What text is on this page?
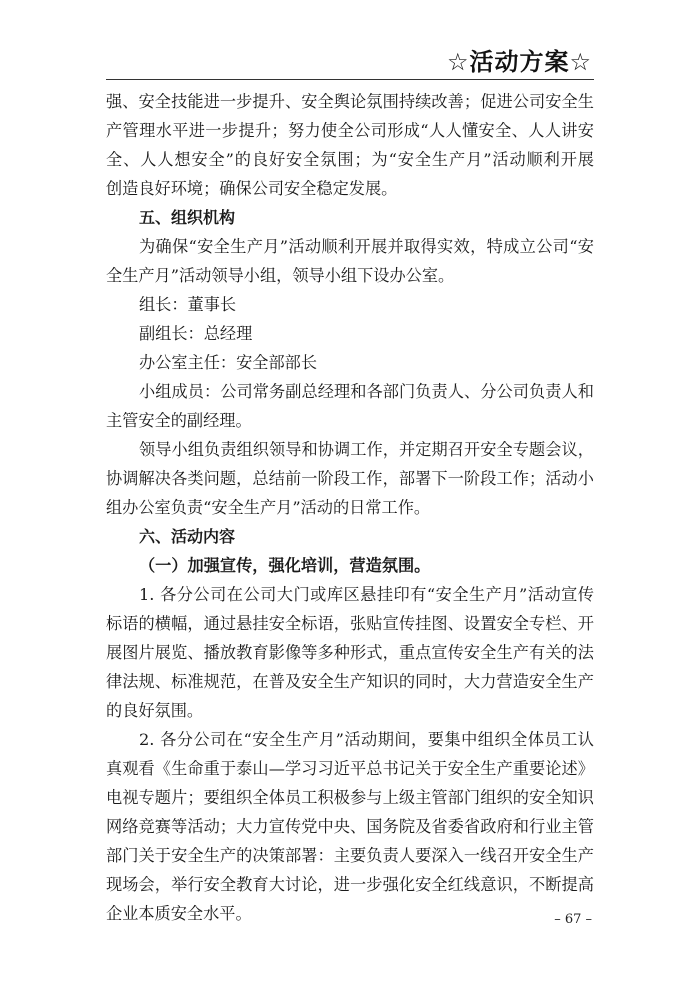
☆活动方案☆
强、安全技能进一步提升、安全舆论氛围持续改善；促进公司安全生
产管理水平进一步提升；努力使全公司形成“人人懂安全、人人讲安
全、人人想安全”的良好安全氛围；为“安全生产月”活动顺利开展
创造良好环境；确保公司安全稳定发展。
五、组织机构
为确保“安全生产月”活动顺利开展并取得实效，特成立公司“安
全生产月”活动领导小组，领导小组下设办公室。
组长：董事长
副组长：总经理
办公室主任：安全部部长
小组成员：公司常务副总经理和各部门负责人、分公司负责人和
主管安全的副经理。
领导小组负责组织领导和协调工作，并定期召开安全专题会议，
协调解决各类问题，总结前一阶段工作，部署下一阶段工作；活动小
组办公室负责“安全生产月”活动的日常工作。
六、活动内容
（一）加强宣传，强化培训，营造氛围。
1. 各分公司在公司大门或库区悬挂印有“安全生产月”活动宣传
标语的横幅，通过悬挂安全标语，张贴宣传挂图、设置安全专栏、开
展图片展览、播放教育影像等多种形式，重点宣传安全生产有关的法
律法规、标准规范，在普及安全生产知识的同时，大力营造安全生产
的良好氛围。
2. 各分公司在“安全生产月”活动期间，要集中组织全体员工认
真观看《生命重于泰山—学习习近平总书记关于安全生产重要论述》
电视专题片；要组织全体员工积极参与上级主管部门组织的安全知识
网络竞赛等活动；大力宣传党中央、国务院及省委省政府和行业主管
部门关于安全生产的决策部署：主要负责人要深入一线召开安全生产
现场会，举行安全教育大讨论，进一步强化安全红线意识，不断提高
企业本质安全水平。	– 67 –
